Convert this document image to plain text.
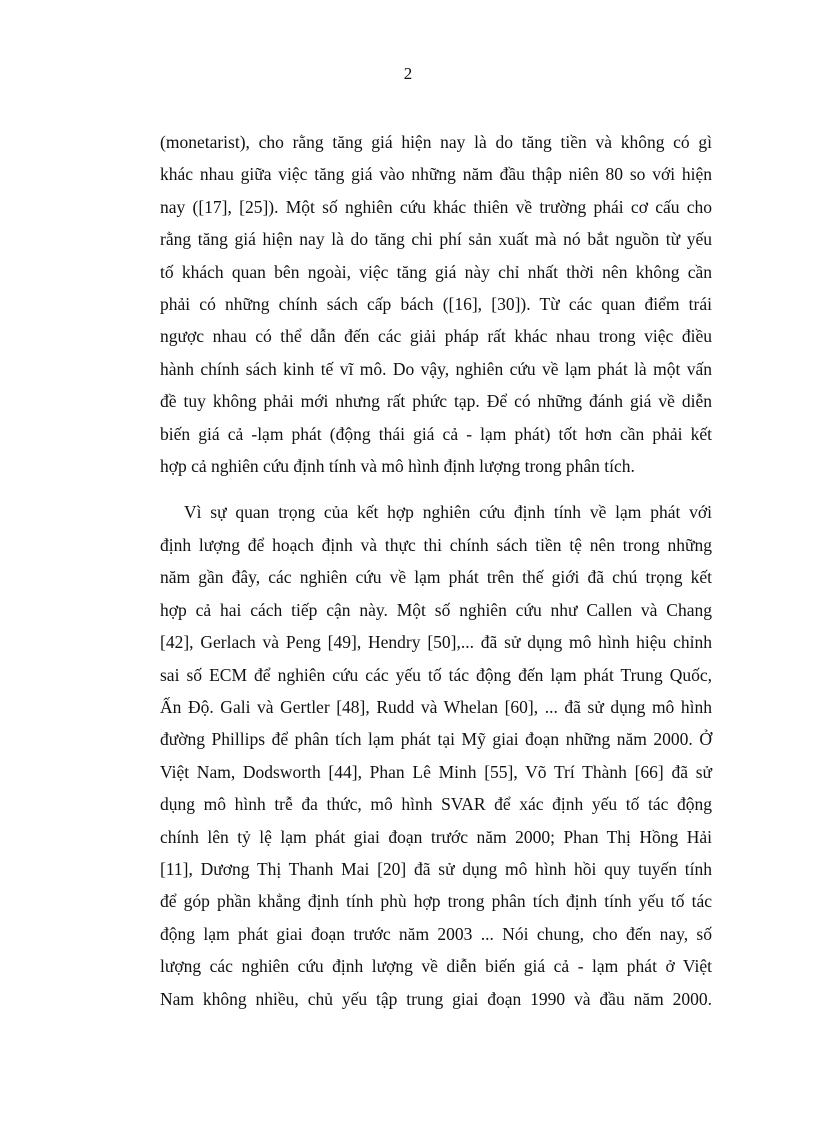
2

(monetarist), cho rằng tăng giá hiện nay là do tăng tiền và không có gì
khác nhau giữa việc tăng giá vào những năm đầu thập niên 80 so với hiện
nay ([17], [25]). Một số nghiên cứu khác thiên về trường phái cơ cấu cho
rằng tăng giá hiện nay là do tăng chi phí sản xuất mà nó bắt nguồn từ yếu
tố khách quan bên ngoài, việc tăng giá này chỉ nhất thời nên không cần
phải có những chính sách cấp bách ([16], [30]). Từ các quan điểm trái
ngược nhau có thể dẫn đến các giải pháp rất khác nhau trong việc điều
hành chính sách kinh tế vĩ mô. Do vậy, nghiên cứu về lạm phát là một vấn
đề tuy không phải mới nhưng rất phức tạp. Để có những đánh giá về diễn
biến giá cả -lạm phát (động thái giá cả - lạm phát) tốt hơn cần phải kết
hợp cả nghiên cứu định tính và mô hình định lượng trong phân tích.

Vì sự quan trọng của kết hợp nghiên cứu định tính về lạm phát với
định lượng để hoạch định và thực thi chính sách tiền tệ nên trong những
năm gần đây, các nghiên cứu về lạm phát trên thế giới đã chú trọng kết
hợp cả hai cách tiếp cận này. Một số nghiên cứu như Callen và Chang
[42], Gerlach và Peng [49], Hendry [50],... đã sử dụng mô hình hiệu chỉnh
sai số ECM để nghiên cứu các yếu tố tác động đến lạm phát Trung Quốc,
Ấn Độ. Gali và Gertler [48], Rudd và Whelan [60], ... đã sử dụng mô hình
đường Phillips để phân tích lạm phát tại Mỹ giai đoạn những năm 2000. Ở
Việt Nam, Dodsworth [44], Phan Lê Minh [55], Võ Trí Thành [66] đã sử
dụng mô hình trễ đa thức, mô hình SVAR để xác định yếu tố tác động
chính lên tỷ lệ lạm phát giai đoạn trước năm 2000; Phan Thị Hồng Hải
[11], Dương Thị Thanh Mai [20] đã sử dụng mô hình hồi quy tuyến tính
để góp phần khẳng định tính phù hợp trong phân tích định tính yếu tố tác
động lạm phát giai đoạn trước năm 2003 ... Nói chung, cho đến nay, số
lượng các nghiên cứu định lượng về diễn biến giá cả - lạm phát ở Việt
Nam không nhiều, chủ yếu tập trung giai đoạn 1990 và đầu năm 2000.
